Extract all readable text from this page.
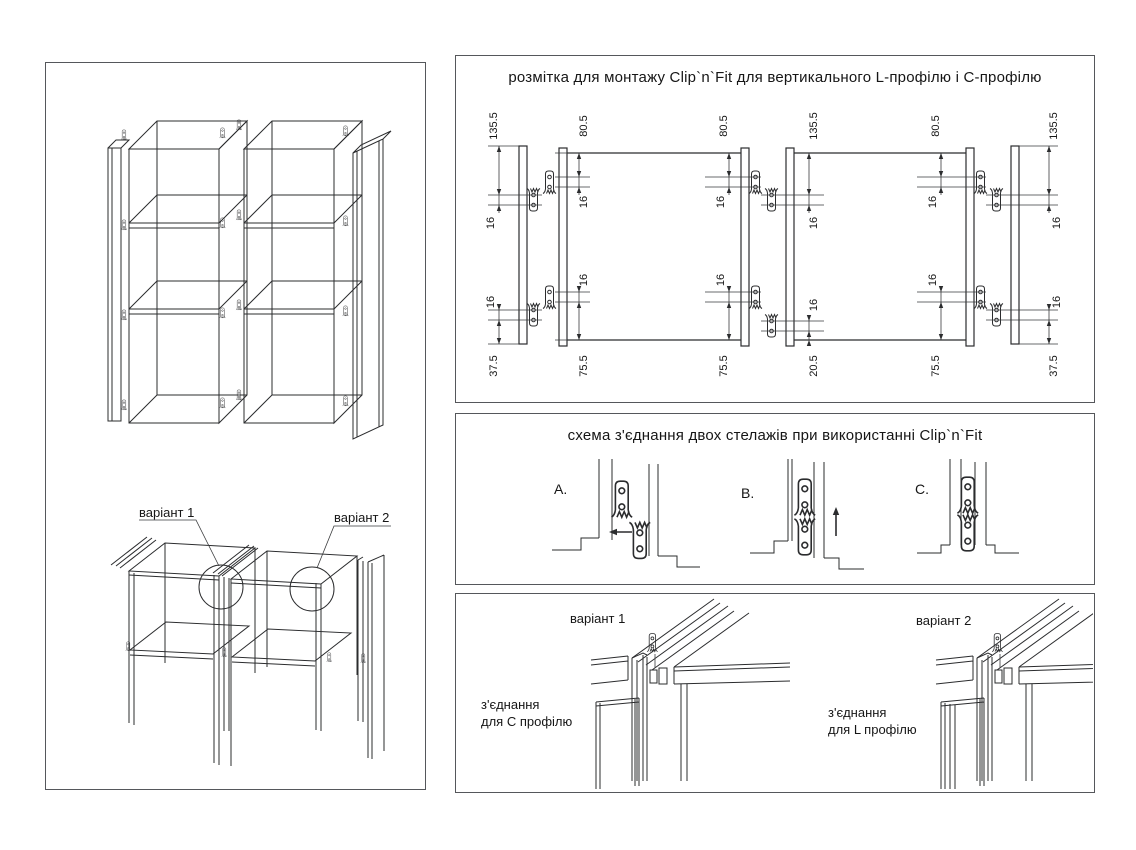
варіант 1	варіант 2
розмітка для монтажу Clip`n`Fit для вертикального L-профілю і С-профілю
135.5	80.5	80.5	135.5	80.5	135.5
37.5	75.5	75.5	20.5	75.5	37.5
16
16
16
16
16
16
16
16
16
16
16
16
схема з'єднання двох стелажів при використанні Clip`n`Fit
A.	B.	C.
варіант 1	варіант 2
з'єднання
для С профілю
з'єднання
для L профілю
